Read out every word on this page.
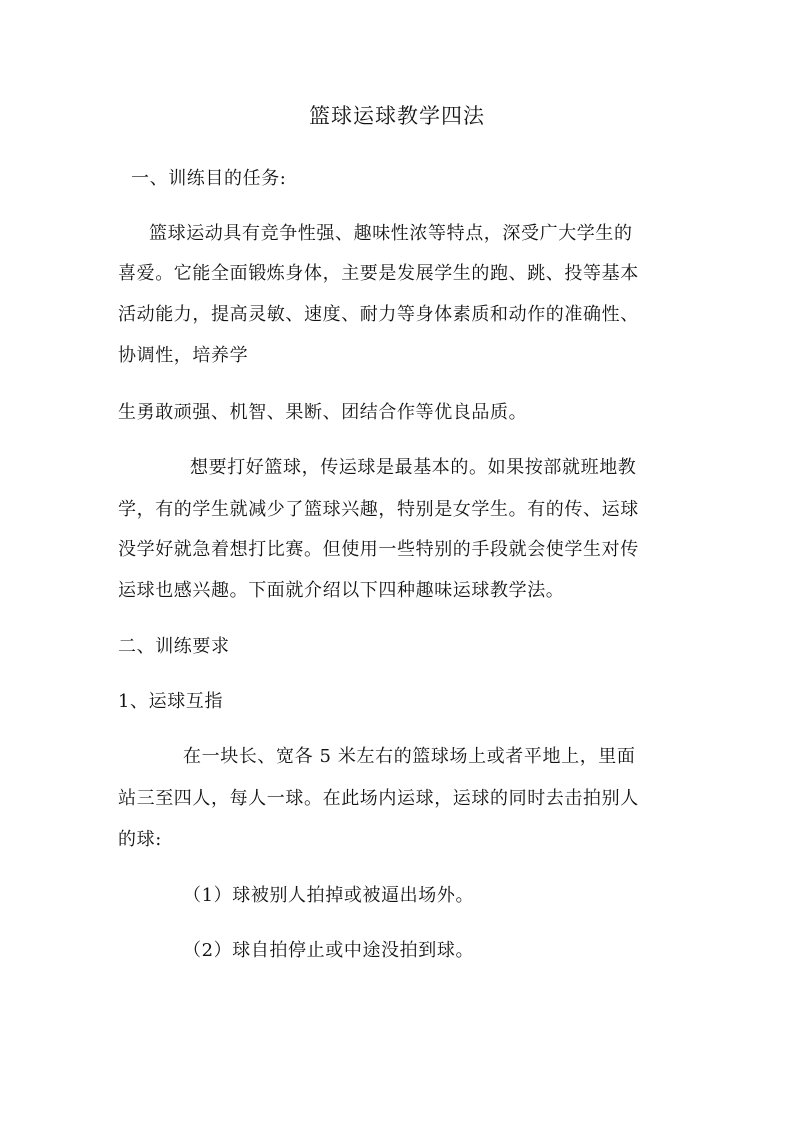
篮球运球教学四法
一、训练目的任务:
篮球运动具有竞争性强、趣味性浓等特点，深受广大学生的
喜爱。它能全面锻炼身体，主要是发展学生的跑、跳、投等基本
活动能力，提高灵敏、速度、耐力等身体素质和动作的准确性、
协调性，培养学
生勇敢顽强、机智、果断、团结合作等优良品质。
想要打好篮球，传运球是最基本的。如果按部就班地教
学，有的学生就减少了篮球兴趣，特别是女学生。有的传、运球
没学好就急着想打比赛。但使用一些特别的手段就会使学生对传
运球也感兴趣。下面就介绍以下四种趣味运球教学法。
二、训练要求
1、运球互指
在一块长、宽各 5 米左右的篮球场上或者平地上，里面
站三至四人，每人一球。在此场内运球，运球的同时去击拍别人
的球:
（1）球被别人拍掉或被逼出场外。
（2）球自拍停止或中途没拍到球。
